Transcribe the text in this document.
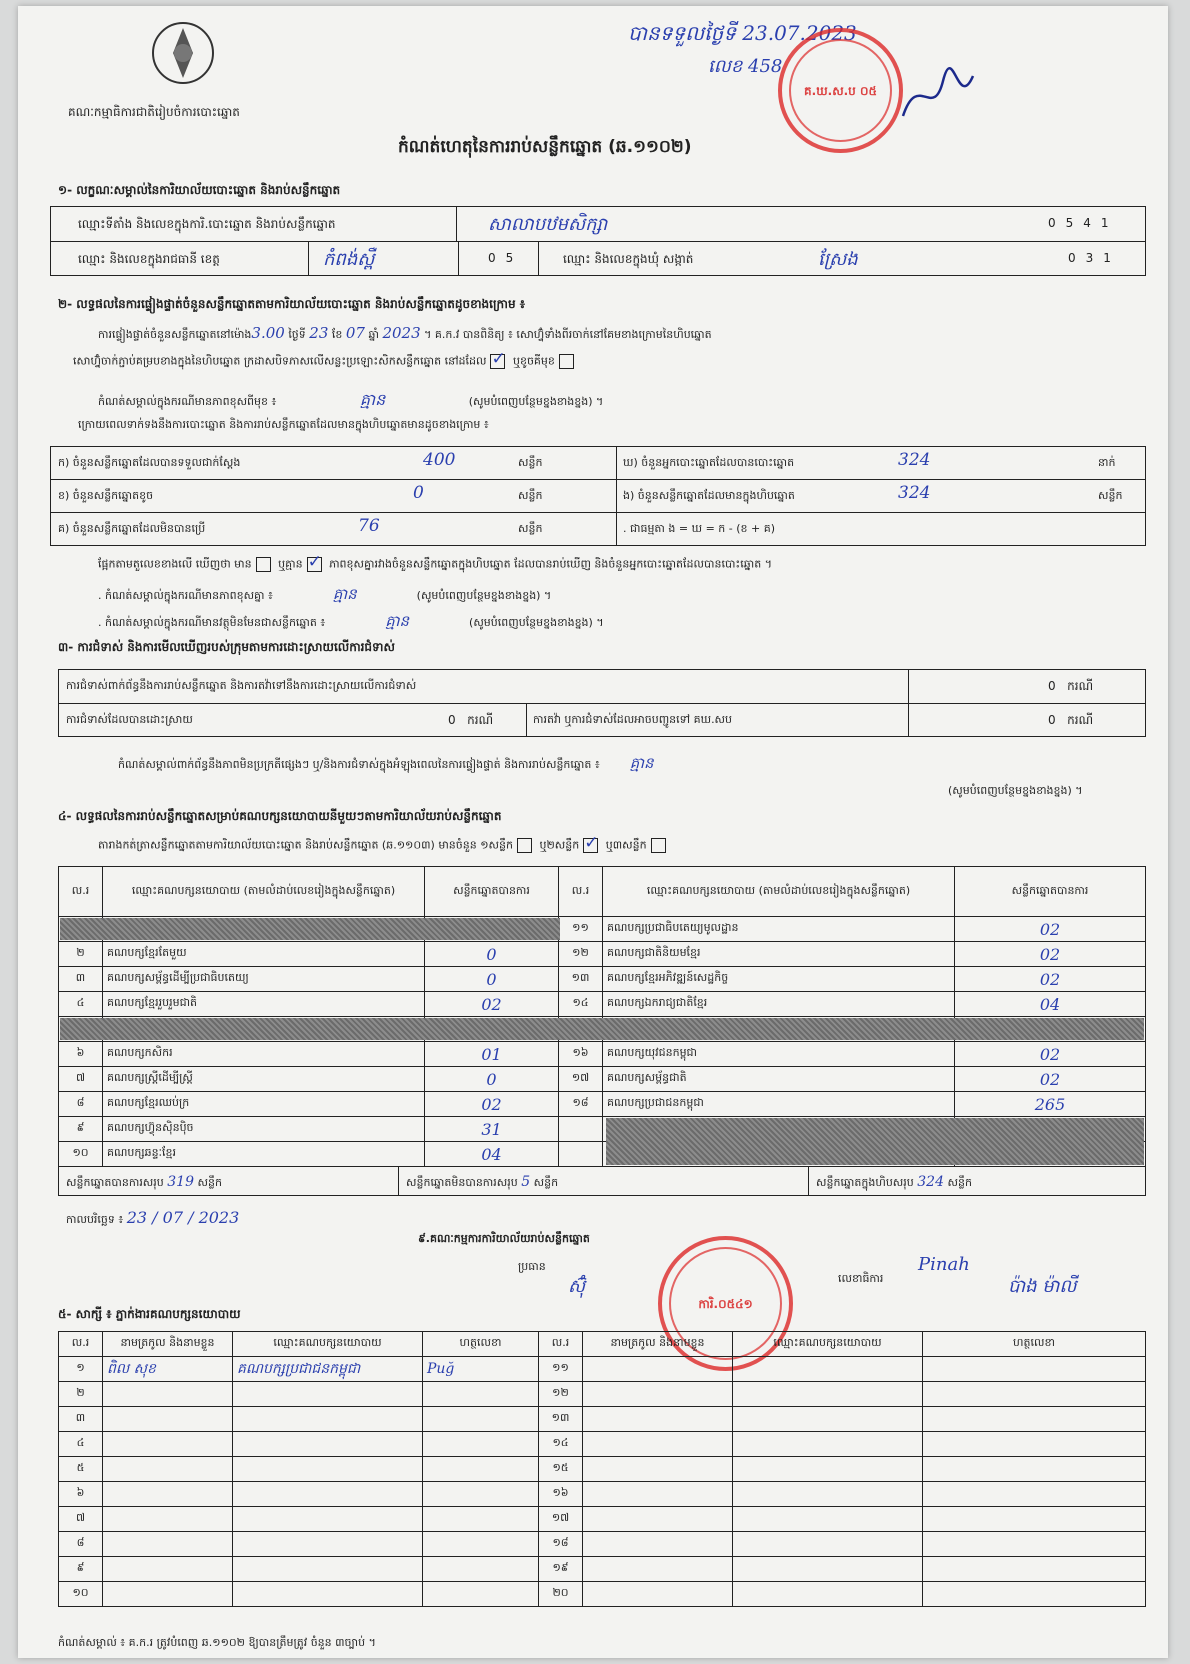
គណៈកម្មាធិការជាតិរៀបចំការបោះឆ្នោត
កំណត់ហេតុនៃការរាប់សន្លឹកឆ្នោត (ឆ.១១០២)
បានទទួលថ្ងៃទី 23.07.2023
លេខ 458
គ.ឃ.ស.ប ០៥
១- លក្ខណៈសម្គាល់នៃការិយាល័យបោះឆ្នោត និងរាប់សន្លឹកឆ្នោត
ឈ្មោះទីតាំង និងលេខក្នុងការិ.បោះឆ្នោត និងរាប់សន្លឹកឆ្នោត	សាលាបឋមសិក្សា	0541
ឈ្មោះ និងលេខក្នុងរាជធានី ខេត្ត	កំពង់ស្ពឺ	05	ឈ្មោះ និងលេខក្នុងឃុំ សង្កាត់	ស្រែង	031
២- លទ្ធផលនៃការផ្ទៀងផ្ទាត់ចំនួនសន្លឹកឆ្នោតតាមការិយាល័យបោះឆ្នោត និងរាប់សន្លឹកឆ្នោតដូចខាងក្រោម ៖
ការផ្ទៀងផ្ទាត់ចំនួនសន្លឹកឆ្នោតនៅម៉ោង3.00 ថ្ងៃទី 23 ខែ 07 ឆ្នាំ 2023 ។ គ.ក.វ បានពិនិត្យ ៖ សោហ្វ៊ុំទាំងពីរចាក់នៅគែមខាងក្រោមនៃហិបឆ្នោត
សោហ្វ៊ុំចាក់ភ្ជាប់គម្របខាងក្នុងនៃហិបឆ្នោត ក្រដាសបិទភាសលើសន្លះប្រឡោះសិកសន្លឹកឆ្នោត នៅដដែល ✓ ឬខូចគីមុខ
កំណត់សម្គាល់ក្នុងករណីមានភាពខុសពីមុខ ៖	គ្មាន	(សូមបំពេញបន្ថែមខ្នងខាងខ្នង) ។
ក្រោយពេលទាក់ទងនឹងការបោះឆ្នោត និងការរាប់សន្លឹកឆ្នោតដែលមានក្នុងហិបឆ្នោតមានដូចខាងក្រោម ៖
ក) ចំនួនសន្លឹកឆ្នោតដែលបានទទួលជាក់ស្តែង	400	សន្លឹក
ខ) ចំនួនសន្លឹកឆ្នោតខូច	0	សន្លឹក
គ) ចំនួនសន្លឹកឆ្នោតដែលមិនបានប្រើ	76	សន្លឹក
ឃ) ចំនួនអ្នកបោះឆ្នោតដែលបានបោះឆ្នោត	324	នាក់
ង) ចំនួនសន្លឹកឆ្នោតដែលមានក្នុងហិបឆ្នោត	324	សន្លឹក
. ជាធម្មតា ង = ឃ = ក - (ខ + គ)
ផ្អែកតាមតួលេខខាងលើ ឃើញថា មាន ឬគ្មាន ✓ ភាពខុសគ្នារវាងចំនួនសន្លឹកឆ្នោតក្នុងហិបឆ្នោត ដែលបានរាប់ឃើញ និងចំនួនអ្នកបោះឆ្នោតដែលបានបោះឆ្នោត ។
. កំណត់សម្គាល់ក្នុងករណីមានភាពខុសគ្នា ៖	គ្មាន	(សូមបំពេញបន្ថែមខ្នងខាងខ្នង) ។
. កំណត់សម្គាល់ក្នុងករណីមានវត្ថុមិនមែនជាសន្លឹកឆ្នោត ៖	គ្មាន	(សូមបំពេញបន្ថែមខ្នងខាងខ្នង) ។
៣- ការជំទាស់ និងការមើលឃើញរបស់ក្រុមតាមការដោះស្រាយលើការជំទាស់
ការជំទាស់ពាក់ព័ន្ធនឹងការរាប់សន្លឹកឆ្នោត និងការតវ៉ាទៅនឹងការដោះស្រាយលើការជំទាស់	0 ករណី
ការជំទាស់ដែលបានដោះស្រាយ	0 ករណី	ការតវ៉ា ឬការជំទាស់ដែលអាចបញ្ជូនទៅ គឃ.សប	0 ករណី
កំណត់សម្គាល់ពាក់ព័ន្ធនឹងភាពមិនប្រក្រតីផ្សេងៗ ឬ/និងការជំទាស់ក្នុងអំឡុងពេលនៃការផ្ទៀងផ្ទាត់ និងការរាប់សន្លឹកឆ្នោត ៖ គ្មាន
(សូមបំពេញបន្ថែមខ្នងខាងខ្នង) ។
៤- លទ្ធផលនៃការរាប់សន្លឹកឆ្នោតសម្រាប់គណបក្សនយោបាយនីមួយៗតាមការិយាល័យរាប់សន្លឹកឆ្នោត
តារាងកត់ត្រាសន្លឹកឆ្នោតតាមការិយាល័យបោះឆ្នោត និងរាប់សន្លឹកឆ្នោត (ឆ.១១០៣) មានចំនួន ១សន្លឹក ឬ២សន្លឹក ✓ ឬ៣សន្លឹក
ល.រ	ឈ្មោះគណបក្សនយោបាយ (តាមលំដាប់លេខរៀងក្នុងសន្លឹកឆ្នោត)	សន្លឹកឆ្នោតបានការ	ល.រ	ឈ្មោះគណបក្សនយោបាយ (តាមលំដាប់លេខរៀងក្នុងសន្លឹកឆ្នោត)	សន្លឹកឆ្នោតបានការ
			១១	គណបក្សប្រជាធិបតេយ្យមូលដ្ឋាន	02
២	គណបក្សខ្មែរតែមួយ	0	១២	គណបក្សជាតិនិយមខ្មែរ	02
៣	គណបក្សសម្ព័ន្ធដើម្បីប្រជាធិបតេយ្យ	0	១៣	គណបក្សខ្មែរអភិវឌ្ឍន៍សេដ្ឋកិច្ច	02
៤	គណបក្សខ្មែររួបរួមជាតិ	02	១៤	គណបក្សឯករាជ្យជាតិខ្មែរ	04

៦	គណបក្សកសិករ	01	១៦	គណបក្សយុវជនកម្ពុជា	02
៧	គណបក្សស្ត្រីដើម្បីស្ត្រី	0	១៧	គណបក្សសម្ព័ន្ធជាតិ	02
៨	គណបក្សខ្មែរឈប់ក្រ	02	១៨	គណបក្សប្រជាជនកម្ពុជា	265
៩	គណបក្សហ៊្វុនស៊ិនប៉ិច	31			
១០	គណបក្សឆន្ទៈខ្មែរ	04			
សន្លឹកឆ្នោតបានការសរុប 319 សន្លឹក	សន្លឹកឆ្នោតមិនបានការសរុប 5 សន្លឹក	សន្លឹកឆ្នោតក្នុងហិបសរុប 324 សន្លឹក
កាលបរិច្ឆេទ ៖ 23 / 07 / 2023
៩.គណៈកម្មការការិយាល័យរាប់សន្លឹកឆ្នោត
ប្រធាន
ស៊ុំ
ការិ.០៥៤១
លេខាធិការ
Pinah
ប៉ាង ម៉ាលី
៥- សាក្សី ៖ ភ្នាក់ងារគណបក្សនយោបាយ
ល.រ	នាមត្រកូល និងនាមខ្លួន	ឈ្មោះគណបក្សនយោបាយ	ហត្ថលេខា	ល.រ	នាមត្រកូល និងនាមខ្លួន	ឈ្មោះគណបក្សនយោបាយ	ហត្ថលេខា
១	ពិល សុខ	គណបក្សប្រជាជនកម្ពុជា	Puğ	១១			
២				១២			
៣				១៣			
៤				១៤			
៥				១៥			
៦				១៦			
៧				១៧			
៨				១៨			
៩				១៩			
១០				២០			
កំណត់សម្គាល់ ៖ គ.ក.រ ត្រូវបំពេញ ឆ.១១០២ ឱ្យបានត្រឹមត្រូវ ចំនួន ៣ច្បាប់ ។
